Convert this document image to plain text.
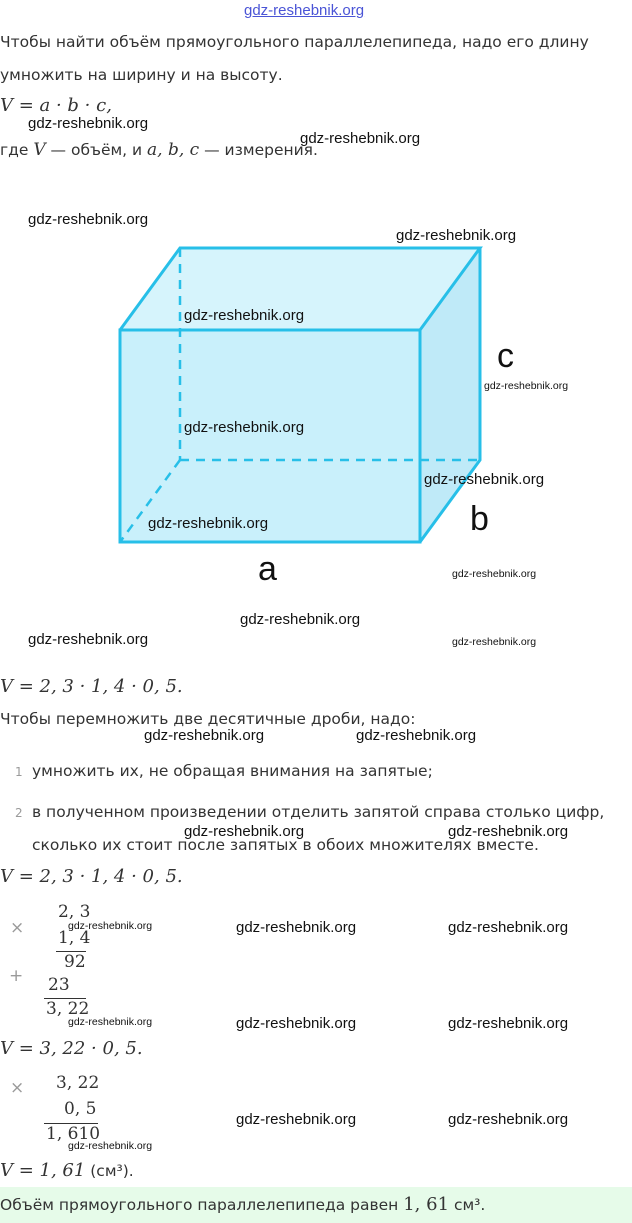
gdz-reshebnik.org
Чтобы найти объём прямоугольного параллелепипеда, надо его длину
умножить на ширину и на высоту.
V = a · b · c,
где V — объём, и a, b, c — измерения.
a
b
c
gdz-reshebnik.org
gdz-reshebnik.org
gdz-reshebnik.org
gdz-reshebnik.org
gdz-reshebnik.org
gdz-reshebnik.org
gdz-reshebnik.org
gdz-reshebnik.org
gdz-reshebnik.org
gdz-reshebnik.org
gdz-reshebnik.org
gdz-reshebnik.org	gdz-reshebnik.org
V = 2, 3 · 1, 4 · 0, 5.
Чтобы перемножить две десятичные дроби, надо:
gdz-reshebnik.org	gdz-reshebnik.org
1 умножить их, не обращая внимания на запятые;
2 в полученном произведении отделить запятой справа столько цифр,
сколько их стоит после запятых в обоих множителях вместе.
gdz-reshebnik.org	gdz-reshebnik.org
V = 2, 3 · 1, 4 · 0, 5.
×
2, 3
1, 4
92
+ 23
3, 22
gdz-reshebnik.org	gdz-reshebnik.org	gdz-reshebnik.org
gdz-reshebnik.org	gdz-reshebnik.org	gdz-reshebnik.org
V = 3, 22 · 0, 5.
× 3, 22
0, 5
1, 610
gdz-reshebnik.org	gdz-reshebnik.org
gdz-reshebnik.org
V = 1, 61 (см³).
Объём прямоугольного параллелепипеда равен 1, 61 см³.
